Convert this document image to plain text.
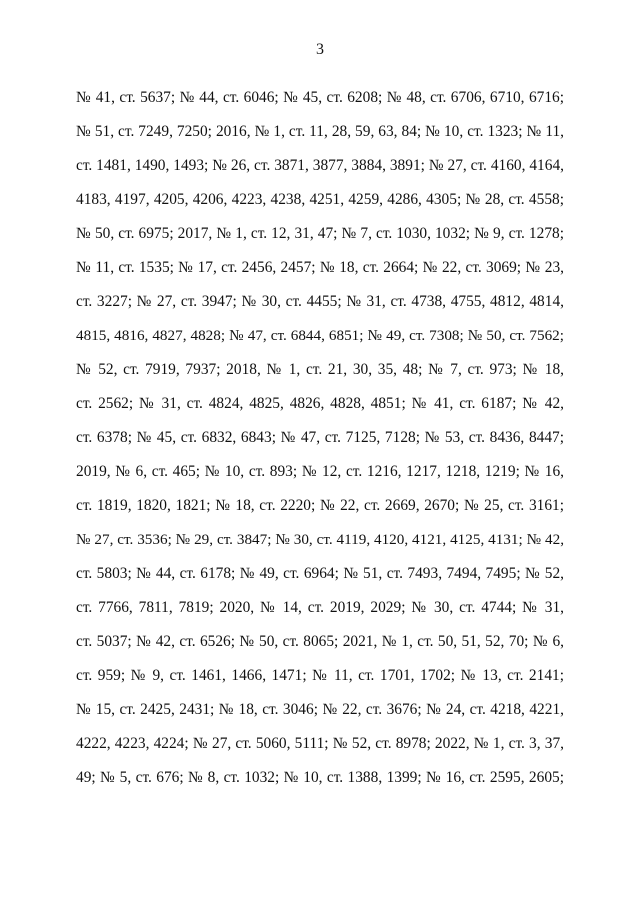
3
№ 41, ст. 5637; № 44, ст. 6046; № 45, ст. 6208; № 48, ст. 6706, 6710, 6716;
№ 51, ст. 7249, 7250; 2016, № 1, ст. 11, 28, 59, 63, 84; № 10, ст. 1323; № 11,
ст. 1481, 1490, 1493; № 26, ст. 3871, 3877, 3884, 3891; № 27, ст. 4160, 4164,
4183, 4197, 4205, 4206, 4223, 4238, 4251, 4259, 4286, 4305; № 28, ст. 4558;
№ 50, ст. 6975; 2017, № 1, ст. 12, 31, 47; № 7, ст. 1030, 1032; № 9, ст. 1278;
№ 11, ст. 1535; № 17, ст. 2456, 2457; № 18, ст. 2664; № 22, ст. 3069; № 23,
ст. 3227; № 27, ст. 3947; № 30, ст. 4455; № 31, ст. 4738, 4755, 4812, 4814,
4815, 4816, 4827, 4828; № 47, ст. 6844, 6851; № 49, ст. 7308; № 50, ст. 7562;
№ 52, ст. 7919, 7937; 2018, № 1, ст. 21, 30, 35, 48; № 7, ст. 973; № 18,
ст. 2562; № 31, ст. 4824, 4825, 4826, 4828, 4851; № 41, ст. 6187; № 42,
ст. 6378; № 45, ст. 6832, 6843; № 47, ст. 7125, 7128; № 53, ст. 8436, 8447;
2019, № 6, ст. 465; № 10, ст. 893; № 12, ст. 1216, 1217, 1218, 1219; № 16,
ст. 1819, 1820, 1821; № 18, ст. 2220; № 22, ст. 2669, 2670; № 25, ст. 3161;
№ 27, ст. 3536; № 29, ст. 3847; № 30, ст. 4119, 4120, 4121, 4125, 4131; № 42,
ст. 5803; № 44, ст. 6178; № 49, ст. 6964; № 51, ст. 7493, 7494, 7495; № 52,
ст. 7766, 7811, 7819; 2020, № 14, ст. 2019, 2029; № 30, ст. 4744; № 31,
ст. 5037; № 42, ст. 6526; № 50, ст. 8065; 2021, № 1, ст. 50, 51, 52, 70; № 6,
ст. 959; № 9, ст. 1461, 1466, 1471; № 11, ст. 1701, 1702; № 13, ст. 2141;
№ 15, ст. 2425, 2431; № 18, ст. 3046; № 22, ст. 3676; № 24, ст. 4218, 4221,
4222, 4223, 4224; № 27, ст. 5060, 5111; № 52, ст. 8978; 2022, № 1, ст. 3, 37,
49; № 5, ст. 676; № 8, ст. 1032; № 10, ст. 1388, 1399; № 16, ст. 2595, 2605;
